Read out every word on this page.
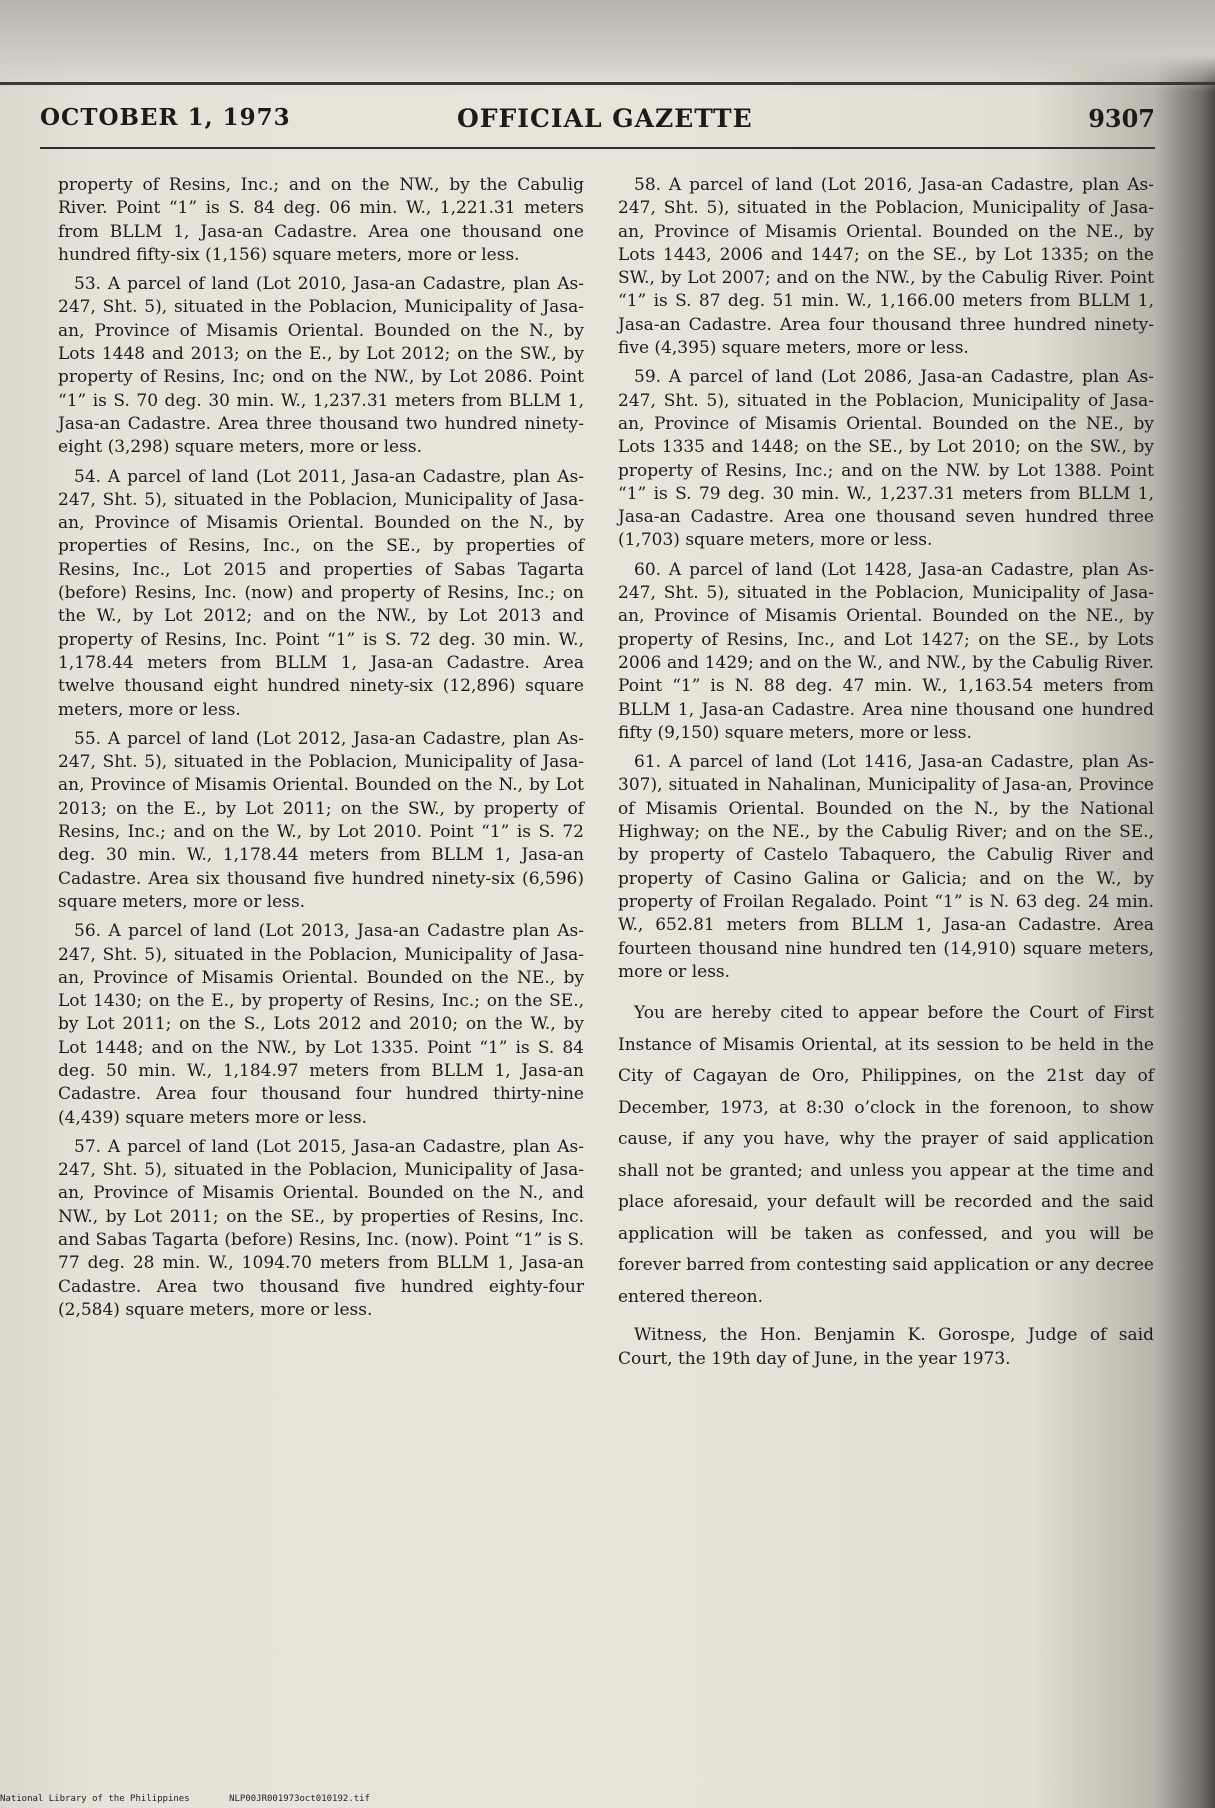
OCTOBER 1, 1973	OFFICIAL GAZETTE	9307

property of Resins, Inc.; and on the NW., by the Cabulig River. Point “1” is S. 84 deg. 06 min. W., 1,221.31 meters from BLLM 1, Jasa-an Cadastre. Area one thousand one hundred fifty-six (1,156) square meters, more or less.

53. A parcel of land (Lot 2010, Jasa-an Cadastre, plan As-247, Sht. 5), situated in the Poblacion, Municipality of Jasa-an, Province of Misamis Oriental. Bounded on the N., by Lots 1448 and 2013; on the E., by Lot 2012; on the SW., by property of Resins, Inc; ond on the NW., by Lot 2086. Point “1” is S. 70 deg. 30 min. W., 1,237.31 meters from BLLM 1, Jasa-an Cadastre. Area three thousand two hundred ninety-eight (3,298) square meters, more or less.

54. A parcel of land (Lot 2011, Jasa-an Cadastre, plan As-247, Sht. 5), situated in the Poblacion, Municipality of Jasa-an, Province of Misamis Oriental. Bounded on the N., by properties of Resins, Inc., on the SE., by properties of Resins, Inc., Lot 2015 and properties of Sabas Tagarta (before) Resins, Inc. (now) and property of Resins, Inc.; on the W., by Lot 2012; and on the NW., by Lot 2013 and property of Resins, Inc. Point “1” is S. 72 deg. 30 min. W., 1,178.44 meters from BLLM 1, Jasa-an Cadastre. Area twelve thousand eight hundred ninety-six (12,896) square meters, more or less.

55. A parcel of land (Lot 2012, Jasa-an Cadastre, plan As-247, Sht. 5), situated in the Poblacion, Municipality of Jasa-an, Province of Misamis Oriental. Bounded on the N., by Lot 2013; on the E., by Lot 2011; on the SW., by property of Resins, Inc.; and on the W., by Lot 2010. Point “1” is S. 72 deg. 30 min. W., 1,178.44 meters from BLLM 1, Jasa-an Cadastre. Area six thousand five hundred ninety-six (6,596) square meters, more or less.

56. A parcel of land (Lot 2013, Jasa-an Cadastre plan As-247, Sht. 5), situated in the Poblacion, Municipality of Jasa-an, Province of Misamis Oriental. Bounded on the NE., by Lot 1430; on the E., by property of Resins, Inc.; on the SE., by Lot 2011; on the S., Lots 2012 and 2010; on the W., by Lot 1448; and on the NW., by Lot 1335. Point “1” is S. 84 deg. 50 min. W., 1,184.97 meters from BLLM 1, Jasa-an Cadastre. Area four thousand four hundred thirty-nine (4,439) square meters more or less.

57. A parcel of land (Lot 2015, Jasa-an Cadastre, plan As-247, Sht. 5), situated in the Poblacion, Municipality of Jasa-an, Province of Misamis Oriental. Bounded on the N., and NW., by Lot 2011; on the SE., by properties of Resins, Inc. and Sabas Tagarta (before) Resins, Inc. (now). Point “1” is S. 77 deg. 28 min. W., 1094.70 meters from BLLM 1, Jasa-an Cadastre. Area two thousand five hundred eighty-four (2,584) square meters, more or less.

58. A parcel of land (Lot 2016, Jasa-an Cadastre, plan As-247, Sht. 5), situated in the Poblacion, Municipality of Jasa-an, Province of Misamis Oriental. Bounded on the NE., by Lots 1443, 2006 and 1447; on the SE., by Lot 1335; on the SW., by Lot 2007; and on the NW., by the Cabulig River. Point “1” is S. 87 deg. 51 min. W., 1,166.00 meters from BLLM 1, Jasa-an Cadastre. Area four thousand three hundred ninety-five (4,395) square meters, more or less.

59. A parcel of land (Lot 2086, Jasa-an Cadastre, plan As-247, Sht. 5), situated in the Poblacion, Municipality of Jasa-an, Province of Misamis Oriental. Bounded on the NE., by Lots 1335 and 1448; on the SE., by Lot 2010; on the SW., by property of Resins, Inc.; and on the NW. by Lot 1388. Point “1” is S. 79 deg. 30 min. W., 1,237.31 meters from BLLM 1, Jasa-an Cadastre. Area one thousand seven hundred three (1,703) square meters, more or less.

60. A parcel of land (Lot 1428, Jasa-an Cadastre, plan As-247, Sht. 5), situated in the Poblacion, Municipality of Jasa-an, Province of Misamis Oriental. Bounded on the NE., by property of Resins, Inc., and Lot 1427; on the SE., by Lots 2006 and 1429; and on the W., and NW., by the Cabulig River. Point “1” is N. 88 deg. 47 min. W., 1,163.54 meters from BLLM 1, Jasa-an Cadastre. Area nine thousand one hundred fifty (9,150) square meters, more or less.

61. A parcel of land (Lot 1416, Jasa-an Cadastre, plan As-307), situated in Nahalinan, Municipality of Jasa-an, Province of Misamis Oriental. Bounded on the N., by the National Highway; on the NE., by the Cabulig River; and on the SE., by property of Castelo Tabaquero, the Cabulig River and property of Casino Galina or Galicia; and on the W., by property of Froilan Regalado. Point “1” is N. 63 deg. 24 min. W., 652.81 meters from BLLM 1, Jasa-an Cadastre. Area fourteen thousand nine hundred ten (14,910) square meters, more or less.

You are hereby cited to appear before the Court of First Instance of Misamis Oriental, at its session to be held in the City of Cagayan de Oro, Philippines, on the 21st day of December, 1973, at 8:30 o’clock in the forenoon, to show cause, if any you have, why the prayer of said application shall not be granted; and unless you appear at the time and place aforesaid, your default will be recorded and the said application will be taken as confessed, and you will be forever barred from contesting said application or any decree entered thereon.

Witness, the Hon. Benjamin K. Gorospe, Judge of said Court, the 19th day of June, in the year 1973.

National Library of the Philippines	NLP00JR001973oct010192.tif
